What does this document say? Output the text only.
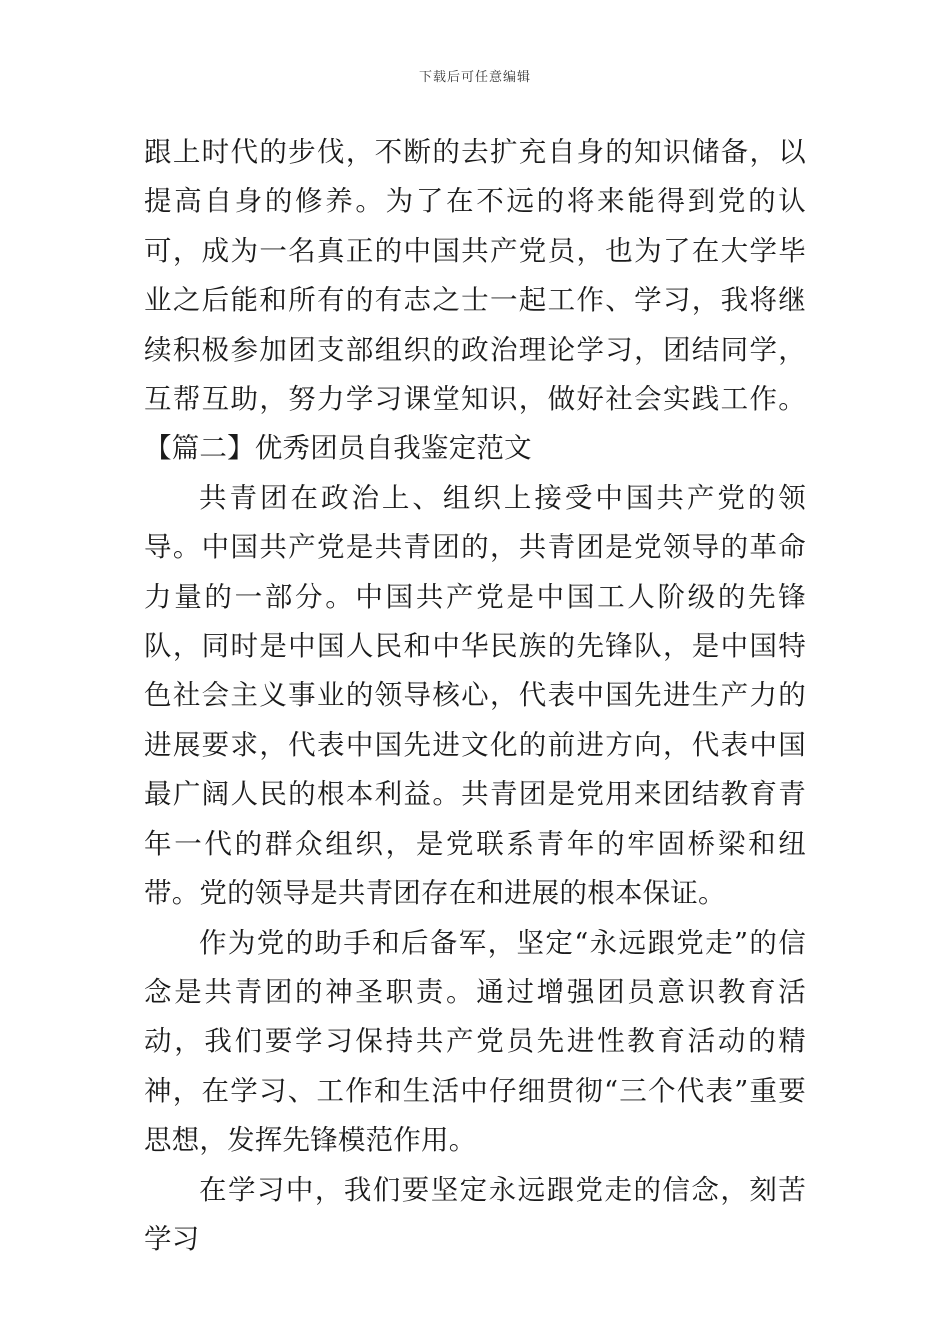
下载后可任意编辑

跟上时代的步伐，不断的去扩充自身的知识储备，以提高自身的修养。为了在不远的将来能得到党的认可，成为一名真正的中国共产党员，也为了在大学毕业之后能和所有的有志之士一起工作、学习，我将继续积极参加团支部组织的政治理论学习，团结同学，互帮互助，努力学习课堂知识，做好社会实践工作。【篇二】优秀团员自我鉴定范文

共青团在政治上、组织上接受中国共产党的领导。中国共产党是共青团的，共青团是党领导的革命力量的一部分。中国共产党是中国工人阶级的先锋队，同时是中国人民和中华民族的先锋队，是中国特色社会主义事业的领导核心，代表中国先进生产力的进展要求，代表中国先进文化的前进方向，代表中国最广阔人民的根本利益。共青团是党用来团结教育青年一代的群众组织，是党联系青年的牢固桥梁和纽带。党的领导是共青团存在和进展的根本保证。

作为党的助手和后备军，坚定“永远跟党走”的信念是共青团的神圣职责。通过增强团员意识教育活动，我们要学习保持共产党员先进性教育活动的精神，在学习、工作和生活中仔细贯彻“三个代表”重要思想，发挥先锋模范作用。

在学习中，我们要坚定永远跟党走的信念，刻苦学习
